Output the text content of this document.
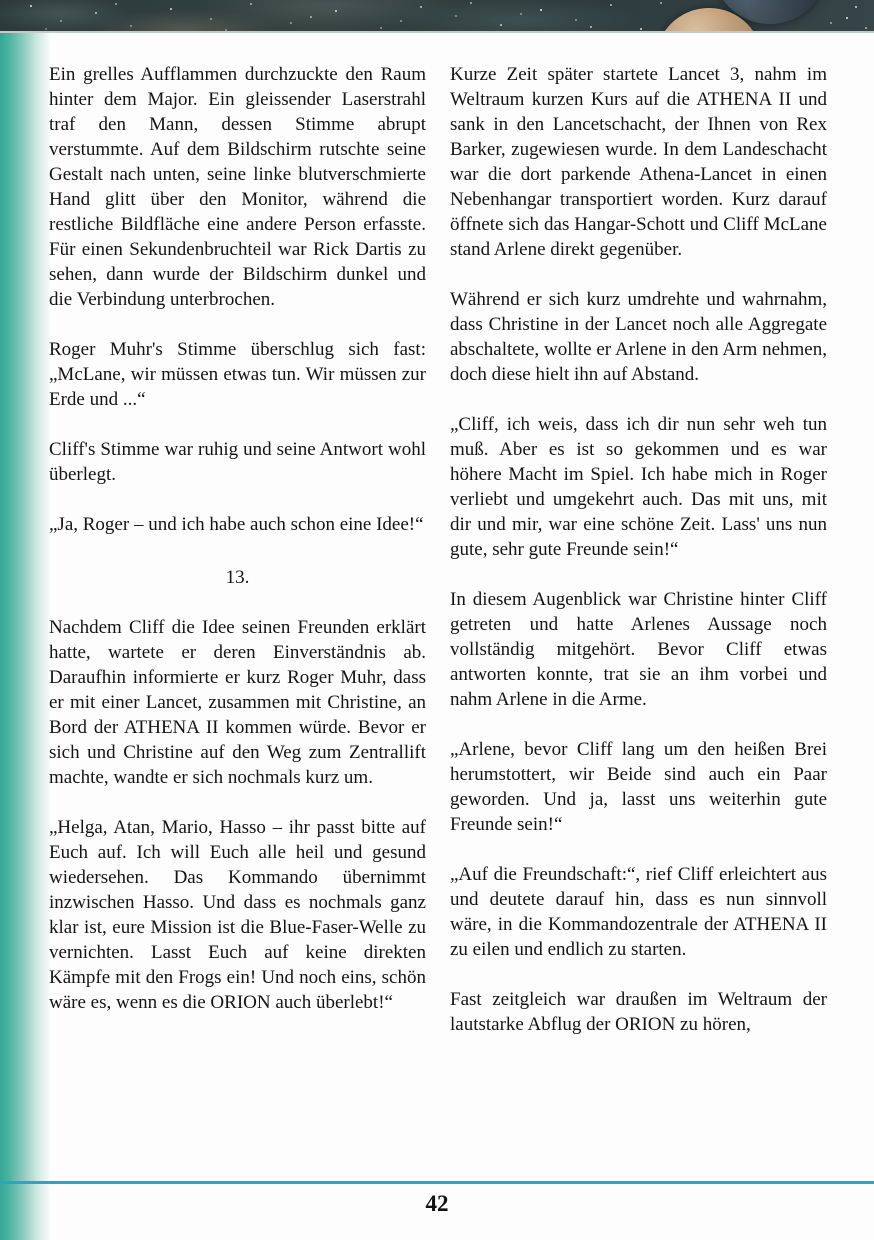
Ein grelles Aufflammen durchzuckte den Raum hinter dem Major. Ein gleissender Laserstrahl traf den Mann, dessen Stimme abrupt verstummte. Auf dem Bildschirm rutschte seine Gestalt nach unten, seine linke blutverschmierte Hand glitt über den Monitor, während die restliche Bildfläche eine andere Person erfasste. Für einen Sekundenbruchteil war Rick Dartis zu sehen, dann wurde der Bildschirm dunkel und die Verbindung unterbrochen.

Roger Muhr's Stimme überschlug sich fast: „McLane, wir müssen etwas tun. Wir müssen zur Erde und ...“

Cliff's Stimme war ruhig und seine Antwort wohl überlegt.

„Ja, Roger – und ich habe auch schon eine Idee!“

13.

Nachdem Cliff die Idee seinen Freunden erklärt hatte, wartete er deren Einverständnis ab. Daraufhin informierte er kurz Roger Muhr, dass er mit einer Lancet, zusammen mit Christine, an Bord der ATHENA II kommen würde. Bevor er sich und Christine auf den Weg zum Zentrallift machte, wandte er sich nochmals kurz um.

„Helga, Atan, Mario, Hasso – ihr passt bitte auf Euch auf. Ich will Euch alle heil und gesund wiedersehen. Das Kommando übernimmt inzwischen Hasso. Und dass es nochmals ganz klar ist, eure Mission ist die Blue-Faser-Welle zu vernichten. Lasst Euch auf keine direkten Kämpfe mit den Frogs ein! Und noch eins, schön wäre es, wenn es die ORION auch überlebt!“

Kurze Zeit später startete Lancet 3, nahm im Weltraum kurzen Kurs auf die ATHENA II und sank in den Lancetschacht, der Ihnen von Rex Barker, zugewiesen wurde. In dem Landeschacht war die dort parkende Athena-Lancet in einen Nebenhangar transportiert worden. Kurz darauf öffnete sich das Hangar-Schott und Cliff McLane stand Arlene direkt gegenüber.

Während er sich kurz umdrehte und wahrnahm, dass Christine in der Lancet noch alle Aggregate abschaltete, wollte er Arlene in den Arm nehmen, doch diese hielt ihn auf Abstand.

„Cliff, ich weis, dass ich dir nun sehr weh tun muß. Aber es ist so gekommen und es war höhere Macht im Spiel. Ich habe mich in Roger verliebt und umgekehrt auch. Das mit uns, mit dir und mir, war eine schöne Zeit. Lass' uns nun gute, sehr gute Freunde sein!“

In diesem Augenblick war Christine hinter Cliff getreten und hatte Arlenes Aussage noch vollständig mitgehört. Bevor Cliff etwas antworten konnte, trat sie an ihm vorbei und nahm Arlene in die Arme.

„Arlene, bevor Cliff lang um den heißen Brei herumstottert, wir Beide sind auch ein Paar geworden. Und ja, lasst uns weiterhin gute Freunde sein!“

„Auf die Freundschaft:“, rief Cliff erleichtert aus und deutete darauf hin, dass es nun sinnvoll wäre, in die Kommandozentrale der ATHENA II zu eilen und endlich zu starten.

Fast zeitgleich war draußen im Weltraum der lautstarke Abflug der ORION zu hören,

42
